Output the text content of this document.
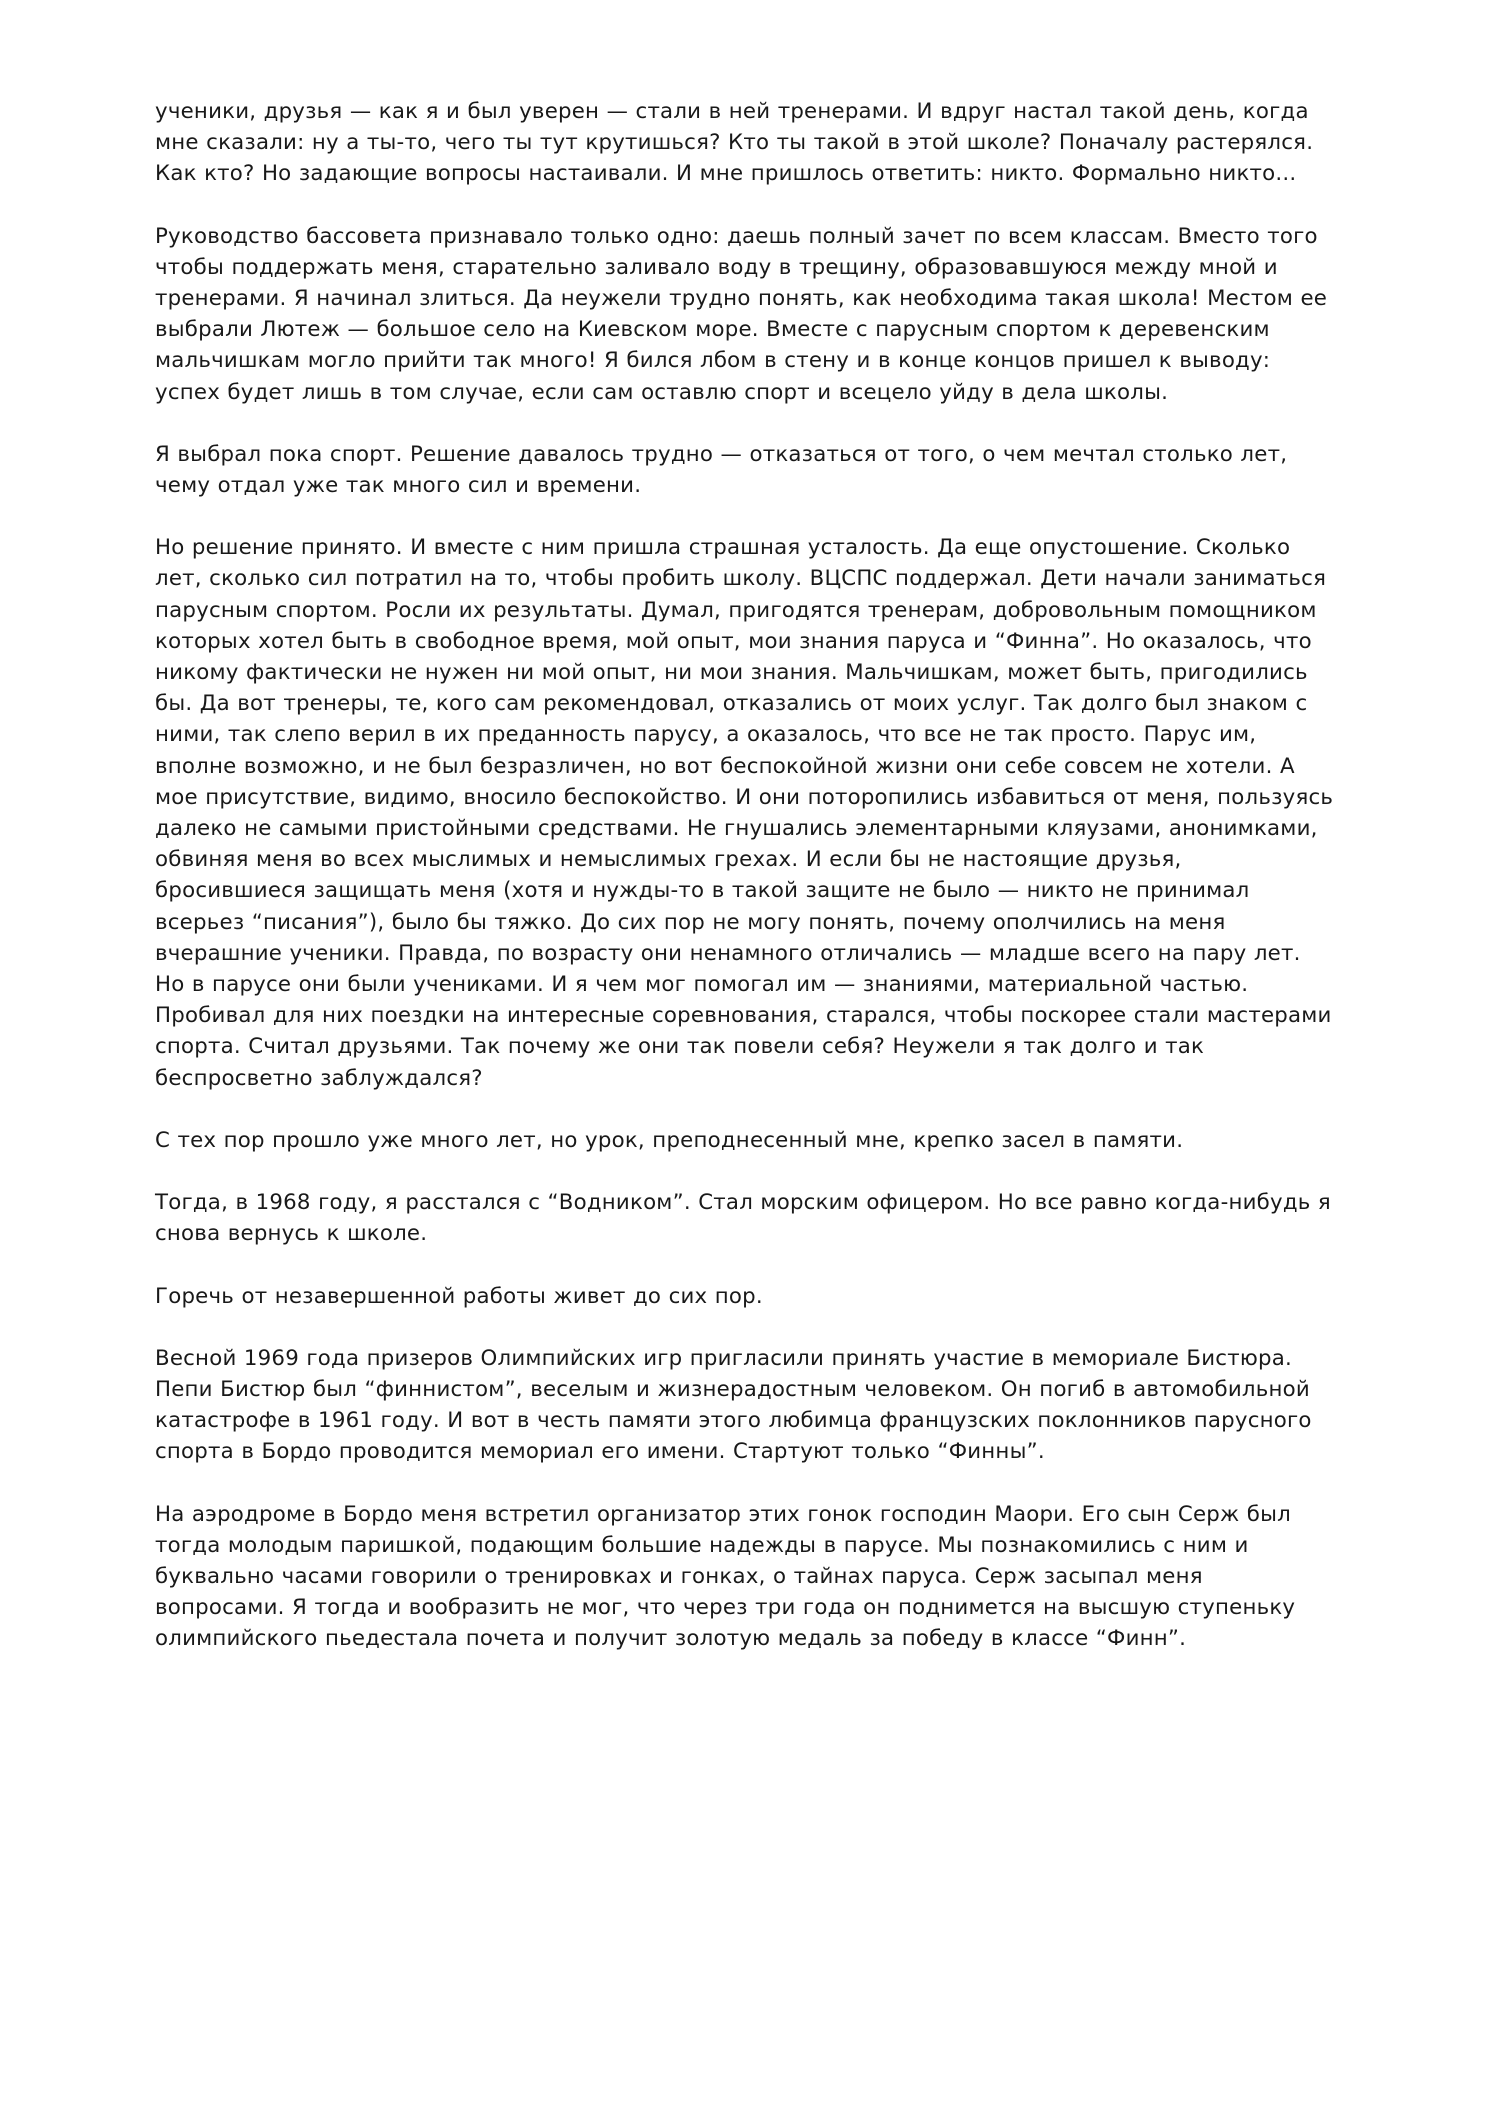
ученики, друзья — как я и был уверен — стали в ней тренерами. И вдруг настал такой день, когда мне сказали: ну а ты-то, чего ты тут крутишься? Кто ты такой в этой школе? Поначалу растерялся. Как кто? Но задающие вопросы настаивали. И мне пришлось ответить: никто. Формально никто...

Руководство бассовета признавало только одно: даешь полный зачет по всем классам. Вместо того чтобы поддержать меня, старательно заливало воду в трещину, образовавшуюся между мной и тренерами. Я начинал злиться. Да неужели трудно понять, как необходима такая школа! Местом ее выбрали Лютеж — большое село на Киевском море. Вместе с парусным спортом к деревенским мальчишкам могло прийти так много! Я бился лбом в стену и в конце концов пришел к выводу: успех будет лишь в том случае, если сам оставлю спорт и всецело уйду в дела школы.

Я выбрал пока спорт. Решение давалось трудно — отказаться от того, о чем мечтал столько лет, чему отдал уже так много сил и времени.

Но решение принято. И вместе с ним пришла страшная усталость. Да еще опустошение. Сколько лет, сколько сил потратил на то, чтобы пробить школу. ВЦСПС поддержал. Дети начали заниматься парусным спортом. Росли их результаты. Думал, пригодятся тренерам, добровольным помощником которых хотел быть в свободное время, мой опыт, мои знания паруса и “Финна”. Но оказалось, что никому фактически не нужен ни мой опыт, ни мои знания. Мальчишкам, может быть, пригодились бы. Да вот тренеры, те, кого сам рекомендовал, отказались от моих услуг. Так долго был знаком с ними, так слепо верил в их преданность парусу, а оказалось, что все не так просто. Парус им, вполне возможно, и не был безразличен, но вот беспокойной жизни они себе совсем не хотели. А мое присутствие, видимо, вносило беспокойство. И они поторопились избавиться от меня, пользуясь далеко не самыми пристойными средствами. Не гнушались элементарными кляузами, анонимками, обвиняя меня во всех мыслимых и немыслимых грехах. И если бы не настоящие друзья, бросившиеся защищать меня (хотя и нужды-то в такой защите не было — никто не принимал всерьез “писания”), было бы тяжко. До сих пор не могу понять, почему ополчились на меня вчерашние ученики. Правда, по возрасту они ненамного отличались — младше всего на пару лет. Но в парусе они были учениками. И я чем мог помогал им — знаниями, материальной частью. Пробивал для них поездки на интересные соревнования, старался, чтобы поскорее стали мастерами спорта. Считал друзьями. Так почему же они так повели себя? Неужели я так долго и так беспросветно заблуждался?

С тех пор прошло уже много лет, но урок, преподнесенный мне, крепко засел в памяти.

Тогда, в 1968 году, я расстался с “Водником”. Стал морским офицером. Но все равно когда-нибудь я снова вернусь к школе.

Горечь от незавершенной работы живет до сих пор.

Весной 1969 года призеров Олимпийских игр пригласили принять участие в мемориале Бистюра. Пепи Бистюр был “финнистом”, веселым и жизнерадостным человеком. Он погиб в автомобильной катастрофе в 1961 году. И вот в честь памяти этого любимца французских поклонников парусного спорта в Бордо проводится мемориал его имени. Стартуют только “Финны”.

На аэродроме в Бордо меня встретил организатор этих гонок господин Маори. Его сын Серж был тогда молодым паришкой, подающим большие надежды в парусе. Мы познакомились с ним и буквально часами говорили о тренировках и гонках, о тайнах паруса. Серж засыпал меня вопросами. Я тогда и вообразить не мог, что через три года он поднимется на высшую ступеньку олимпийского пьедестала почета и получит золотую медаль за победу в классе “Финн”.
